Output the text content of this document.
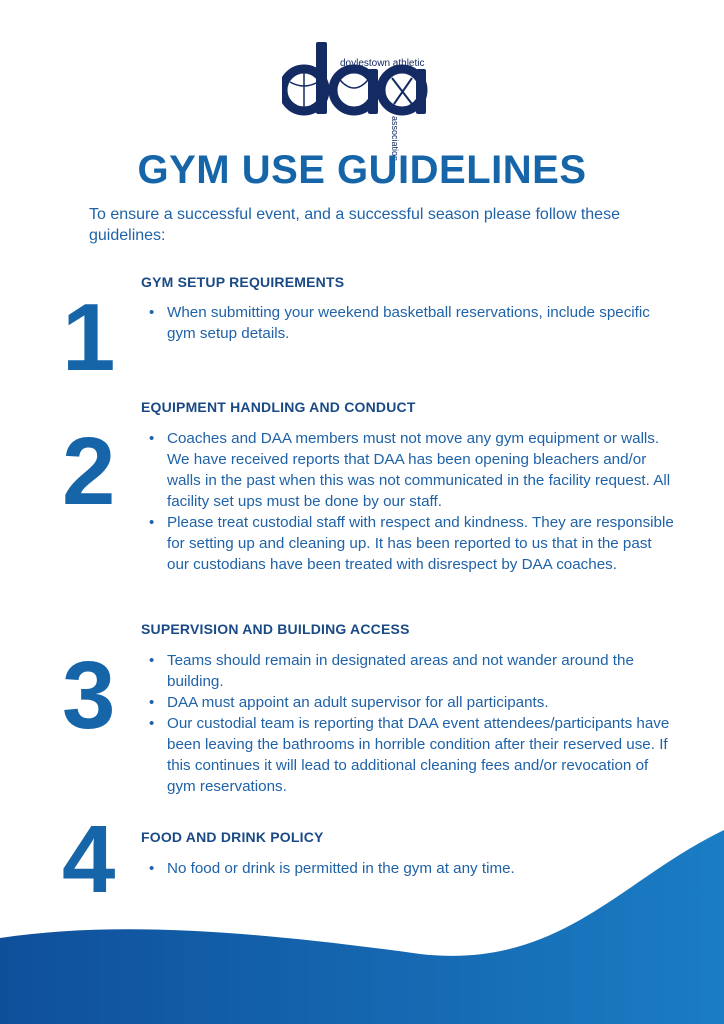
doylestown athletic
association
GYM USE GUIDELINES
To ensure a successful event, and a successful season please follow these guidelines:
1
GYM SETUP REQUIREMENTS
• When submitting your weekend basketball reservations, include specific gym setup details.
2
EQUIPMENT HANDLING AND CONDUCT
• Coaches and DAA members must not move any gym equipment or walls. We have received reports that DAA has been opening bleachers and/or walls in the past when this was not communicated in the facility request. All facility set ups must be done by our staff.
• Please treat custodial staff with respect and kindness. They are responsible for setting up and cleaning up. It has been reported to us that in the past our custodians have been treated with disrespect by DAA coaches.
3
SUPERVISION AND BUILDING ACCESS
• Teams should remain in designated areas and not wander around the building.
• DAA must appoint an adult supervisor for all participants.
• Our custodial team is reporting that DAA event attendees/participants have been leaving the bathrooms in horrible condition after their reserved use. If this continues it will lead to additional cleaning fees and/or revocation of gym reservations.
4 FOOD AND DRINK POLICY
• No food or drink is permitted in the gym at any time.
